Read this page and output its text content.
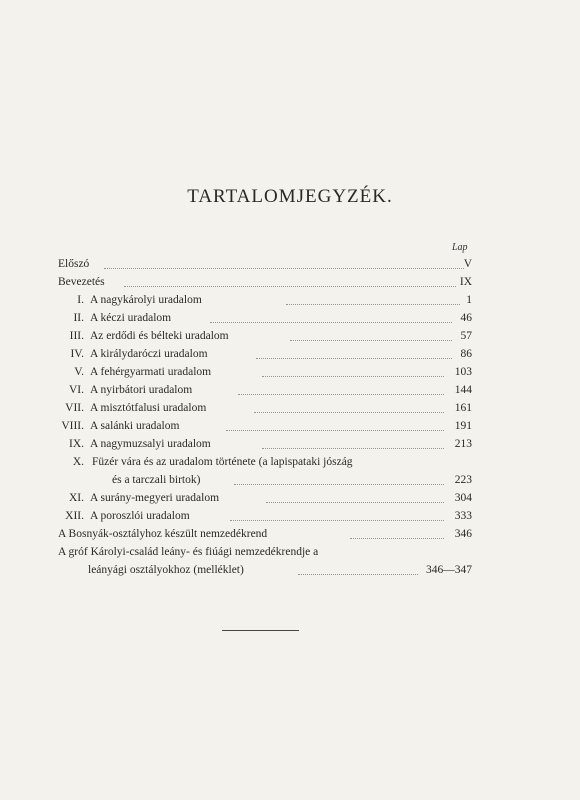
TARTALOMJEGYZÉK.
Lap
Előszó	V
Bevezetés	IX
I. A nagykárolyi uradalom	1
II. A kéczi uradalom	46
III. Az erdődi és bélteki uradalom	57
IV. A királydaróczi uradalom	86
V. A fehérgyarmati uradalom	103
VI. A nyirbátori uradalom	144
VII. A misztótfalusi uradalom	161
VIII. A salánki uradalom	191
IX. A nagymuzsalyi uradalom	213
X. Füzér vára és az uradalom története (a lapispataki jószág
és a tarczali birtok)	223
XI. A surány-megyeri uradalom	304
XII. A poroszlói uradalom	333
A Bosnyák-osztályhoz készült nemzedékrend	346
A gróf Károlyi-család leány- és fiúági nemzedékrendje a
leányági osztályokhoz (melléklet)	346—347
